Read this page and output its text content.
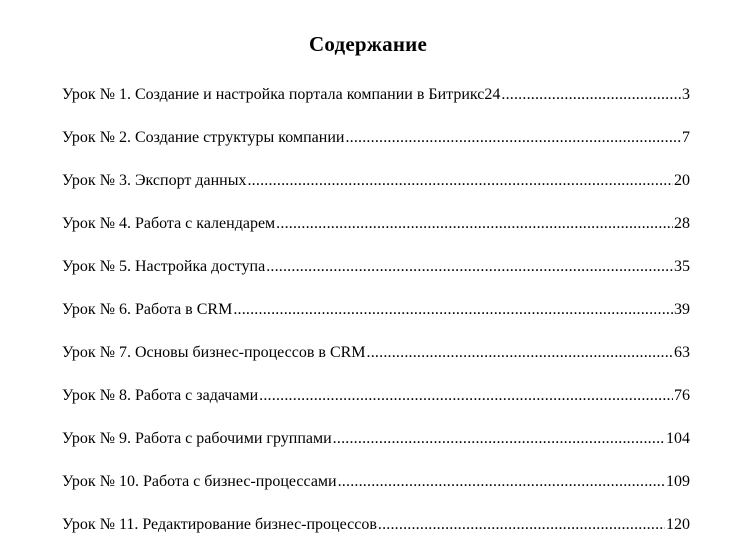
Содержание
Урок № 1. Создание и настройка портала компании в Битрикс24 .....	3
Урок № 2. Создание структуры компании .....	7
Урок № 3. Экспорт данных .....	20
Урок № 4. Работа с календарем .....	28
Урок № 5. Настройка доступа .....	35
Урок № 6. Работа в CRM .....	39
Урок № 7. Основы бизнес-процессов в CRM .....	63
Урок № 8. Работа с задачами .....	76
Урок № 9. Работа с рабочими группами .....	104
Урок № 10. Работа с бизнес-процессами .....	109
Урок № 11. Редактирование бизнес-процессов .....	120
